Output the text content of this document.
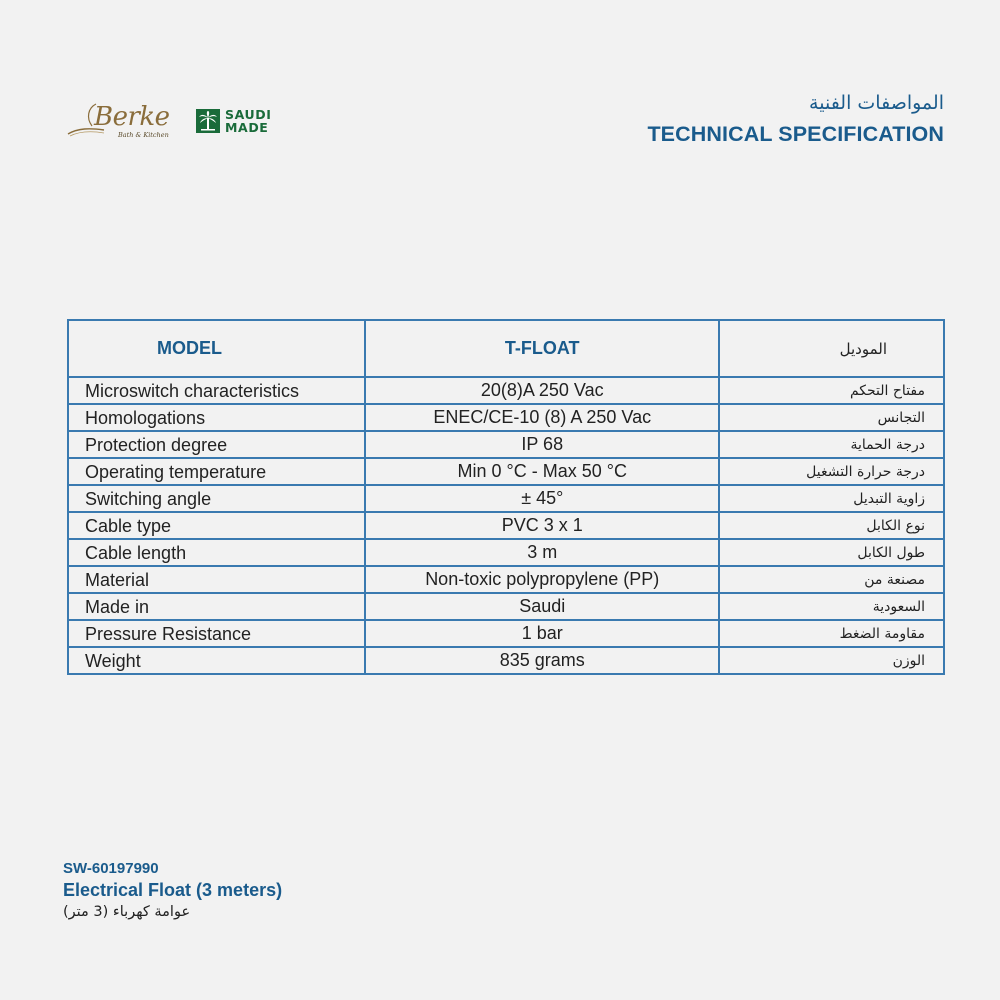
Berke
Bath & Kitchen
SAUDI
MADE
المواصفات الفنية
TECHNICAL SPECIFICATION
MODEL	T-FLOAT	الموديل
Microswitch characteristics	20(8)A 250 Vac	مفتاح التحكم
Homologations	ENEC/CE-10 (8) A 250 Vac	التجانس
Protection degree	IP 68	درجة الحماية
Operating temperature	Min 0 °C - Max 50 °C	درجة حرارة التشغيل
Switching angle	± 45°	زاوية التبديل
Cable type	PVC 3 x 1	نوع الكابل
Cable length	3 m	طول الكابل
Material	Non-toxic polypropylene (PP)	مصنعة من
Made in	Saudi	السعودية
Pressure Resistance	1 bar	مقاومة الضغط
Weight	835 grams	الوزن
SW-60197990
Electrical Float (3 meters)
عوامة كهرباء (3 متر)
